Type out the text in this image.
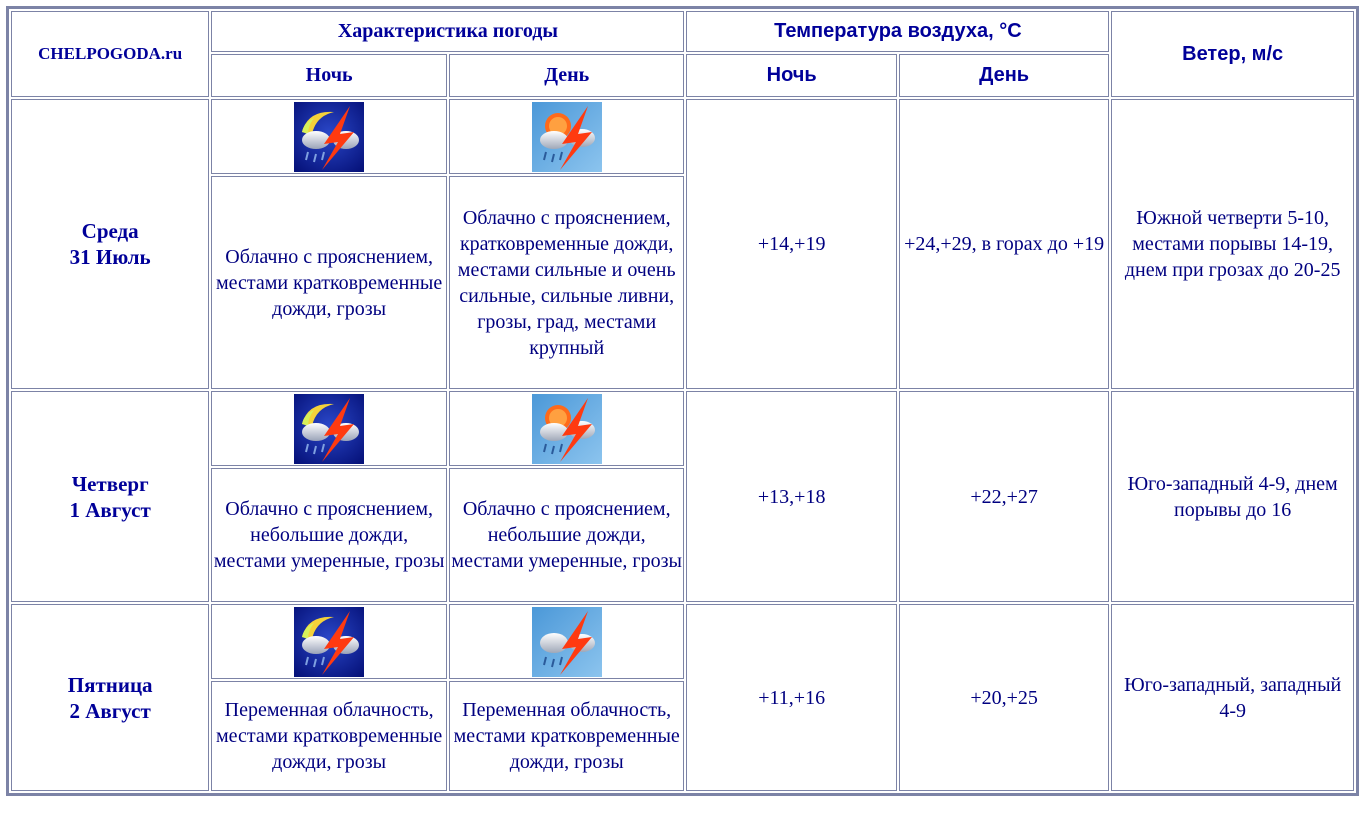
CHELPOGODA.ru	Характеристика погоды		Температура воздуха, °C		Ветер, м/с
	Ночь	День	Ночь	День	
Среда
31 Июль			+14,+19	+24,+29, в горах до +19	Южной четверти 5-10, местами порывы 14-19, днем при грозах до 20-25
	Облачно с прояснением, местами кратковременные дожди, грозы	Облачно с прояснением, кратковременные дожди, местами сильные и очень сильные, сильные ливни, грозы, град, местами крупный			
Четверг
1 Август			+13,+18	+22,+27	Юго-западный 4-9, днем порывы до 16
	Облачно с прояснением, небольшие дожди, местами умеренные, грозы	Облачно с прояснением, небольшие дожди, местами умеренные, грозы			
Пятница
2 Август			+11,+16	+20,+25	Юго-западный, западный 4-9
	Переменная облачность, местами кратковременные дожди, грозы	Переменная облачность, местами кратковременные дожди, грозы			
